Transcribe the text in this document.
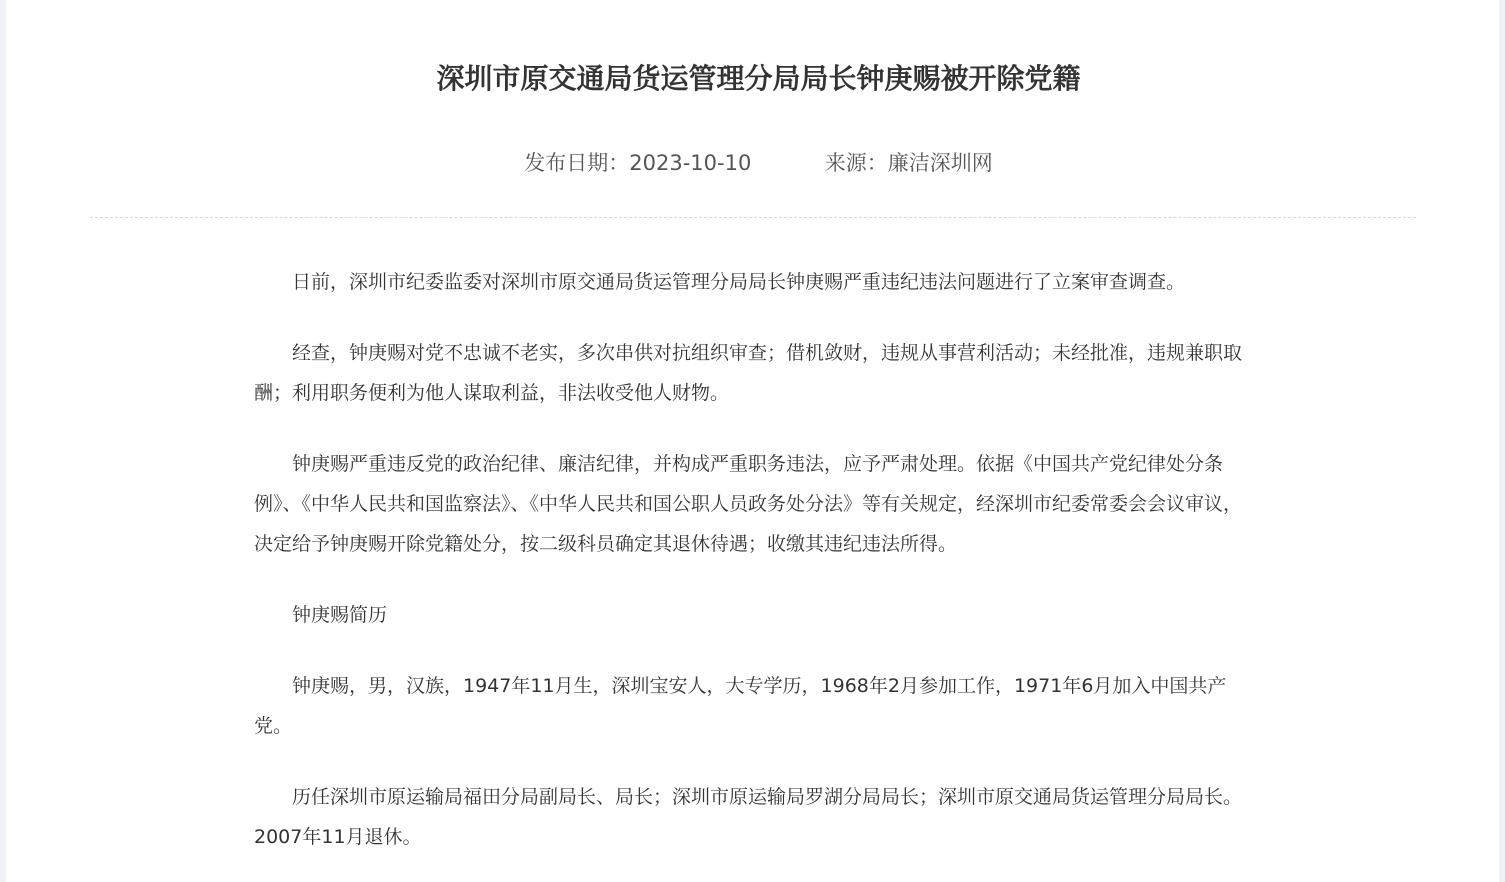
深圳市原交通局货运管理分局局长钟庚赐被开除党籍
发布日期：2023-10-10	来源：廉洁深圳网

日前，深圳市纪委监委对深圳市原交通局货运管理分局局长钟庚赐严重违纪违法问题进行了立案审查调查。

经查，钟庚赐对党不忠诚不老实，多次串供对抗组织审查；借机敛财，违规从事营利活动；未经批准，违规兼职取酬；利用职务便利为他人谋取利益，非法收受他人财物。

钟庚赐严重违反党的政治纪律、廉洁纪律，并构成严重职务违法，应予严肃处理。依据《中国共产党纪律处分条例》、《中华人民共和国监察法》、《中华人民共和国公职人员政务处分法》等有关规定，经深圳市纪委常委会会议审议，决定给予钟庚赐开除党籍处分，按二级科员确定其退休待遇；收缴其违纪违法所得。

钟庚赐简历

钟庚赐，男，汉族，1947年11月生，深圳宝安人，大专学历，1968年2月参加工作，1971年6月加入中国共产党。

历任深圳市原运输局福田分局副局长、局长；深圳市原运输局罗湖分局局长；深圳市原交通局货运管理分局局长。2007年11月退休。
